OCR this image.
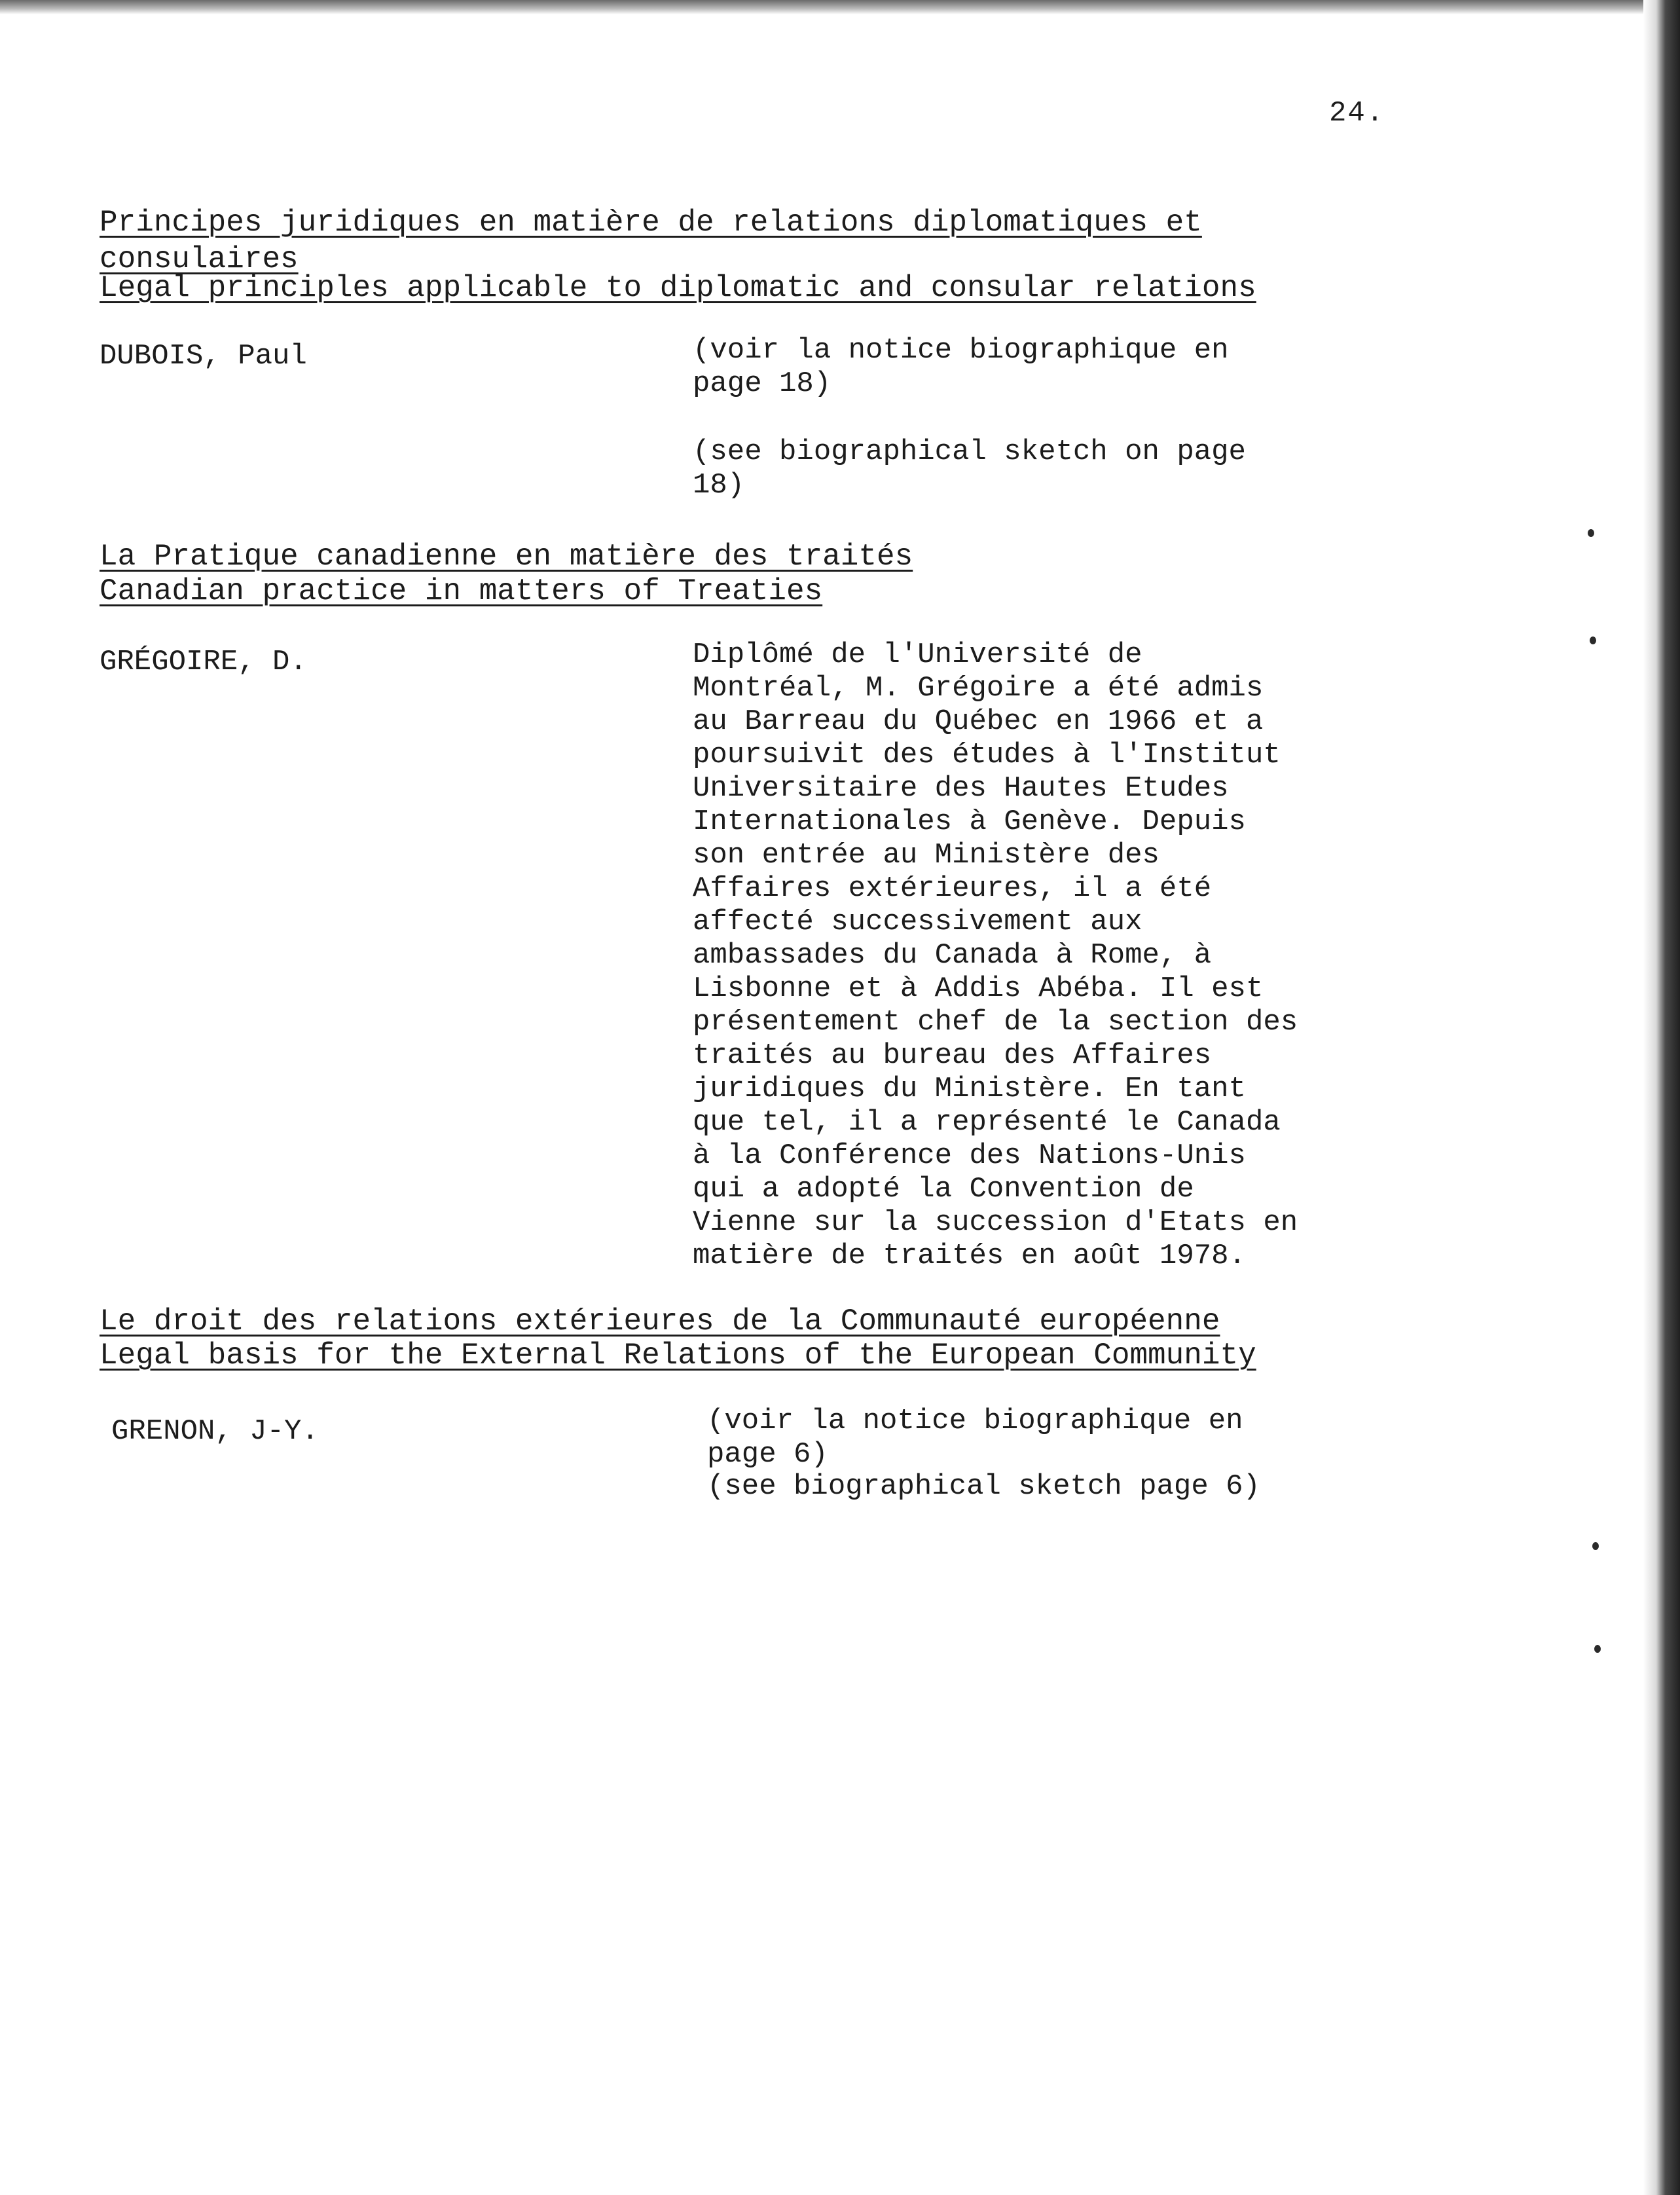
24.
Principes juridiques en matière de relations diplomatiques et
consulaires
Legal principles applicable to diplomatic and consular relations
DUBOIS, Paul	(voir la notice biographique en
page 18)
(see biographical sketch on page
18)
La Pratique canadienne en matière des traités
Canadian practice in matters of Treaties
GRÉGOIRE, D.	Diplômé de l'Université de
Montréal, M. Grégoire a été admis
au Barreau du Québec en 1966 et a
poursuivit des études à l'Institut
Universitaire des Hautes Etudes
Internationales à Genève. Depuis
son entrée au Ministère des
Affaires extérieures, il a été
affecté successivement aux
ambassades du Canada à Rome, à
Lisbonne et à Addis Abéba. Il est
présentement chef de la section des
traités au bureau des Affaires
juridiques du Ministère. En tant
que tel, il a représenté le Canada
à la Conférence des Nations-Unis
qui a adopté la Convention de
Vienne sur la succession d'Etats en
matière de traités en août 1978.
Le droit des relations extérieures de la Communauté européenne
Legal basis for the External Relations of the European Community
GRENON, J-Y.	(voir la notice biographique en
page 6)
(see biographical sketch page 6)
